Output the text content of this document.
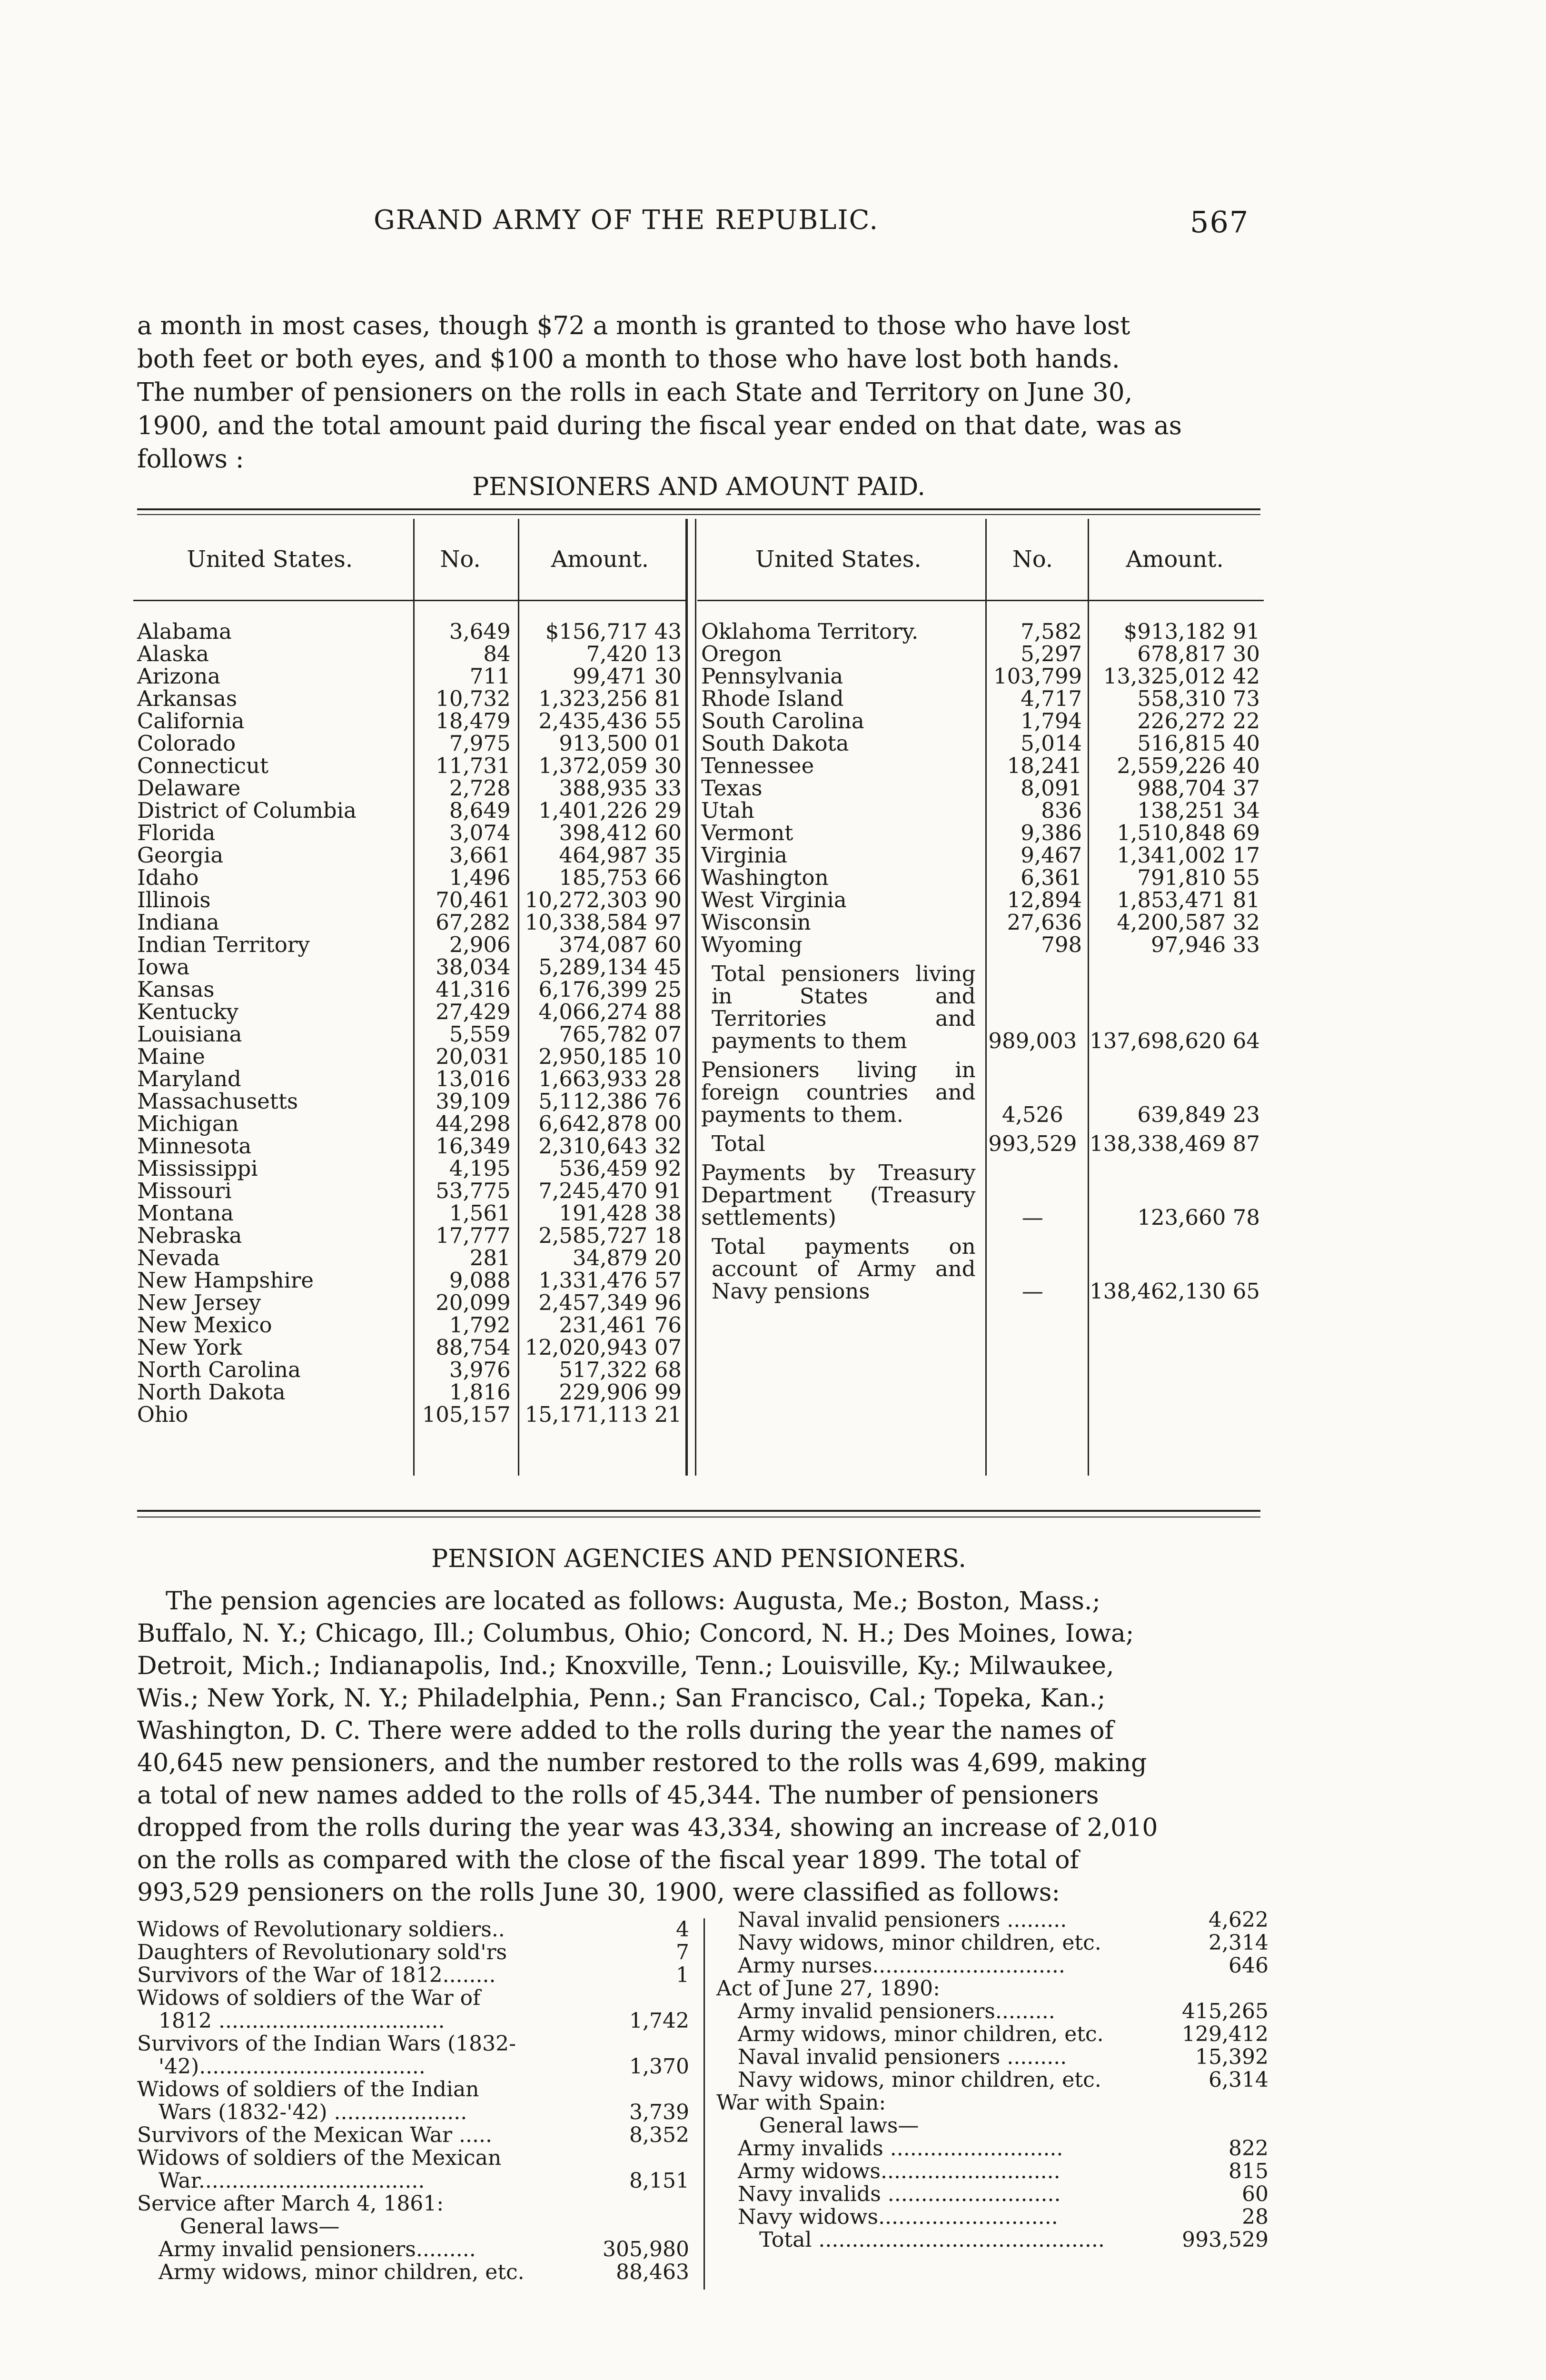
GRAND ARMY OF THE REPUBLIC.	567
a month in most cases, though $72 a month is granted to those who have lost
both feet or both eyes, and $100 a month to those who have lost both hands.
The number of pensioners on the rolls in each State and Territory on June 30,
1900, and the total amount paid during the fiscal year ended on that date, was as
follows :
PENSIONERS AND AMOUNT PAID.
United States.	No.	Amount.

Alabama	3,649	$156,717 43
Alaska	84	7,420 13
Arizona	711	99,471 30
Arkansas	10,732	1,323,256 81
California	18,479	2,435,436 55
Colorado	7,975	913,500 01
Connecticut	11,731	1,372,059 30
Delaware	2,728	388,935 33
District of Columbia	8,649	1,401,226 29
Florida	3,074	398,412 60
Georgia	3,661	464,987 35
Idaho	1,496	185,753 66
Illinois	70,461	10,272,303 90
Indiana	67,282	10,338,584 97
Indian Territory	2,906	374,087 60
Iowa	38,034	5,289,134 45
Kansas	41,316	6,176,399 25
Kentucky	27,429	4,066,274 88
Louisiana	5,559	765,782 07
Maine	20,031	2,950,185 10
Maryland	13,016	1,663,933 28
Massachusetts	39,109	5,112,386 76
Michigan	44,298	6,642,878 00
Minnesota	16,349	2,310,643 32
Mississippi	4,195	536,459 92
Missouri	53,775	7,245,470 91
Montana	1,561	191,428 38
Nebraska	17,777	2,585,727 18
Nevada	281	34,879 20
New Hampshire	9,088	1,331,476 57
New Jersey	20,099	2,457,349 96
New Mexico	1,792	231,461 76
New York	88,754	12,020,943 07
North Carolina	3,976	517,322 68
North Dakota	1,816	229,906 99
Ohio	105,157	15,171,113 21
United States.	No.	Amount.

Oklahoma Territory.	7,582	$913,182 91
Oregon	5,297	678,817 30
Pennsylvania	103,799	13,325,012 42
Rhode Island	4,717	558,310 73
South Carolina	1,794	226,272 22
South Dakota	5,014	516,815 40
Tennessee	18,241	2,559,226 40
Texas	8,091	988,704 37
Utah	836	138,251 34
Vermont	9,386	1,510,848 69
Virginia	9,467	1,341,002 17
Washington	6,361	791,810 55
West Virginia	12,894	1,853,471 81
Wisconsin	27,636	4,200,587 32
Wyoming	798	97,946 33

Total pensioners living in States and Territories and payments to them	989,003	137,698,620 64
Pensioners living in foreign countries and payments to them.	4,526	639,849 23
Total	993,529	138,338,469 87
Payments by Treasury Department (Treasury settlements)	—	123,660 78
Total payments on account of Army and Navy pensions	—	138,462,130 65
PENSION AGENCIES AND PENSIONERS.
The pension agencies are located as follows: Augusta, Me.; Boston, Mass.;
Buffalo, N. Y.; Chicago, Ill.; Columbus, Ohio; Concord, N. H.; Des Moines, Iowa;
Detroit, Mich.; Indianapolis, Ind.; Knoxville, Tenn.; Louisville, Ky.; Milwaukee,
Wis.; New York, N. Y.; Philadelphia, Penn.; San Francisco, Cal.; Topeka, Kan.;
Washington, D. C. There were added to the rolls during the year the names of
40,645 new pensioners, and the number restored to the rolls was 4,699, making
a total of new names added to the rolls of 45,344. The number of pensioners
dropped from the rolls during the year was 43,334, showing an increase of 2,010
on the rolls as compared with the close of the fiscal year 1899. The total of
993,529 pensioners on the rolls June 30, 1900, were classified as follows:
Widows of Revolutionary soldiers..	4
Daughters of Revolutionary sold'rs	7
Survivors of the War of 1812........	1
Widows of soldiers of the War of
1812 ..................................	1,742
Survivors of the Indian Wars (1832-
'42)..................................	1,370
Widows of soldiers of the Indian
Wars (1832-'42) ....................	3,739
Survivors of the Mexican War .....	8,352
Widows of soldiers of the Mexican
War..................................	8,151
Service after March 4, 1861:
General laws—
Army invalid pensioners.........	305,980
Army widows, minor children, etc.	88,463
Naval invalid pensioners .........	4,622
Navy widows, minor children, etc.	2,314
Army nurses.............................	646
Act of June 27, 1890:
Army invalid pensioners.........	415,265
Army widows, minor children, etc.	129,412
Naval invalid pensioners .........	15,392
Navy widows, minor children, etc.	6,314
War with Spain:
General laws—
Army invalids ..........................	822
Army widows...........................	815
Navy invalids ..........................	60
Navy widows...........................	28
Total ...........................................	993,529
